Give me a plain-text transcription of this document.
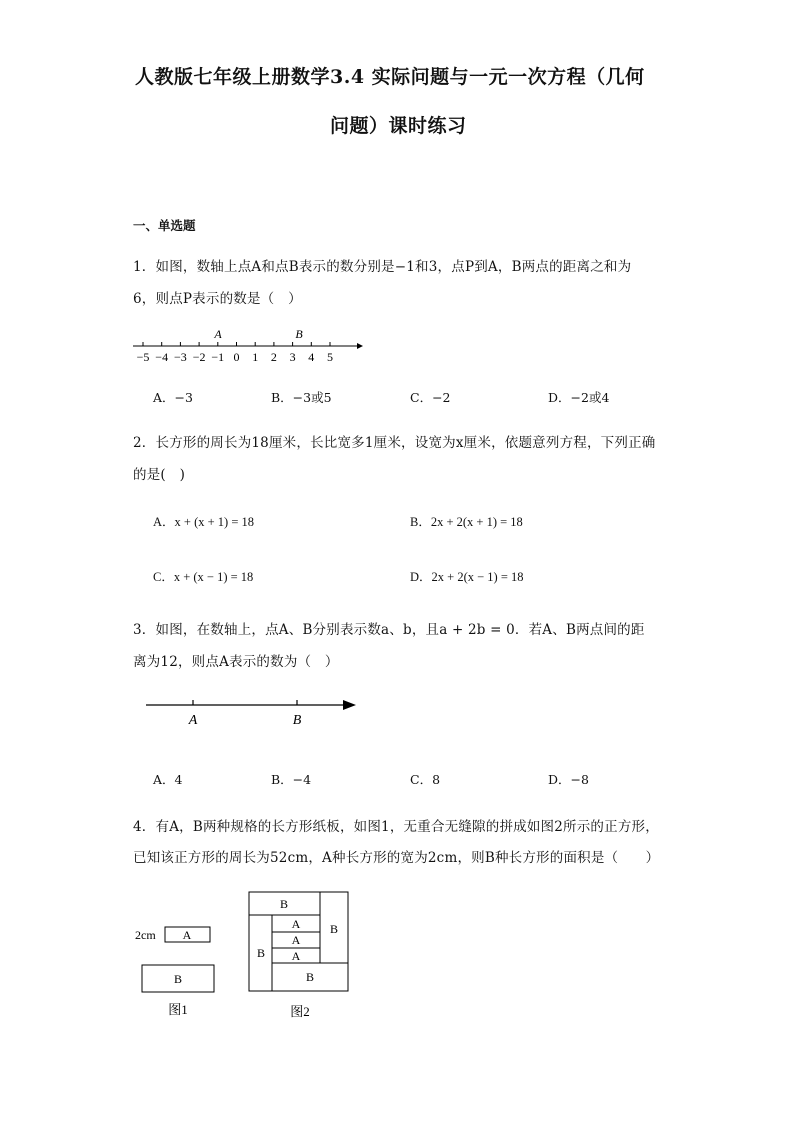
人教版七年级上册数学3.4 实际问题与一元一次方程（几何
问题）课时练习
一、单选题
1．如图，数轴上点A和点B表示的数分别是−1和3，点P到A，B两点的距离之和为
6，则点P表示的数是（　）
−5 −4 −3 −2 −1 0 1 2 3 4 5
A	B
A．−3	B．−3或5	C．−2	D．−2或4
2．长方形的周长为18厘米，长比宽多1厘米，设宽为x厘米，依题意列方程，下列正确
的是(　)
A．x + (x + 1) = 18	B．2x + 2(x + 1) = 18
C．x + (x − 1) = 18	D．2x + 2(x − 1) = 18
3．如图，在数轴上，点A、B分别表示数a、b，且a + 2b = 0．若A、B两点间的距
离为12，则点A表示的数为（　）
A	B
A．4	B．−4	C．8	D．−8
4．有A，B两种规格的长方形纸板，如图1，无重合无缝隙的拼成如图2所示的正方形，
已知该正方形的周长为52cm，A种长方形的宽为2cm，则B种长方形的面积是（　　）
2cm A
B
图1
B
B
A
A
A
B
B
图2
